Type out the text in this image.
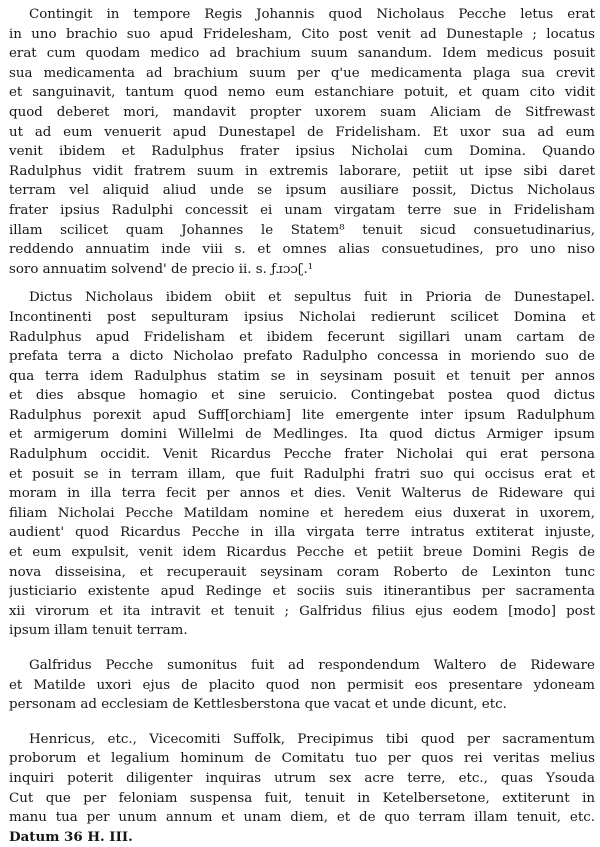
Contingit in tempore Regis Johannis quod Nicholaus Pecche letus erat
in uno brachio suo apud Fridelesham, Cito post venit ad Dunestaple ; locatus
erat cum quodam medico ad brachium suum sanandum. Idem medicus posuit
sua medicamenta ad brachium suum per q'ue medicamenta plaga sua crevit
et sanguinavit, tantum quod nemo eum estanchiare potuit, et quam cito vidit
quod deberet mori, mandavit propter uxorem suam Aliciam de Sitfrewast
ut ad eum venuerit apud Dunestapel de Fridelisham. Et uxor sua ad eum
venit ibidem et Radulphus frater ipsius Nicholai cum Domina. Quando
Radulphus vidit fratrem suum in extremis laborare, petiit ut ipse sibi daret
terram vel aliquid aliud unde se ipsum ausiliare possit, Dictus Nicholaus
frater ipsius Radulphi concessit ei unam virgatam terre sue in Fridelisham
illam scilicet quam Johannes le Statem⁸ tenuit sicud consuetudinarius,
reddendo annuatim inde viii s. et omnes alias consuetudines, pro uno niso
soro annuatim solvend' de precio ii. s. ƒɹɔɔʗ.¹
Dictus Nicholaus ibidem obiit et sepultus fuit in Prioria de Dunestapel.
Incontinenti post sepulturam ipsius Nicholai redierunt scilicet Domina et
Radulphus apud Fridelisham et ibidem fecerunt sigillari unam cartam de
prefata terra a dicto Nicholao prefato Radulpho concessa in moriendo suo de
qua terra idem Radulphus statim se in seysinam posuit et tenuit per annos
et dies absque homagio et sine seruicio. Contingebat postea quod dictus
Radulphus porexit apud Suff[orchiam] lite emergente inter ipsum Radulphum
et armigerum domini Willelmi de Medlinges. Ita quod dictus Armiger ipsum
Radulphum occidit. Venit Ricardus Pecche frater Nicholai qui erat persona
et posuit se in terram illam, que fuit Radulphi fratri suo qui occisus erat et
moram in illa terra fecit per annos et dies. Venit Walterus de Rideware qui
filiam Nicholai Pecche Matildam nomine et heredem eius duxerat in uxorem,
audient' quod Ricardus Pecche in illa virgata terre intratus extiterat injuste,
et eum expulsit, venit idem Ricardus Pecche et petiit breue Domini Regis de
nova disseisina, et recuperauit seysinam coram Roberto de Lexinton tunc
justiciario existente apud Redinge et sociis suis itinerantibus per sacramenta
xii virorum et ita intravit et tenuit ; Galfridus filius ejus eodem [modo] post
ipsum illam tenuit terram.
Galfridus Pecche sumonitus fuit ad respondendum Waltero de Rideware
et Matilde uxori ejus de placito quod non permisit eos presentare ydoneam
personam ad ecclesiam de Kettlesberstona que vacat et unde dicunt, etc.
Henricus, etc., Vicecomiti Suffolk, Precipimus tibi quod per sacramentum
proborum et legalium hominum de Comitatu tuo per quos rei veritas melius
inquiri poterit diligenter inquiras utrum sex acre terre, etc., quas Ysouda
Cut que per feloniam suspensa fuit, tenuit in Ketelbersetone, extiterunt in
manu tua per unum annum et unam diem, et de quo terram illam tenuit, etc.
Datum 36 H. III.
